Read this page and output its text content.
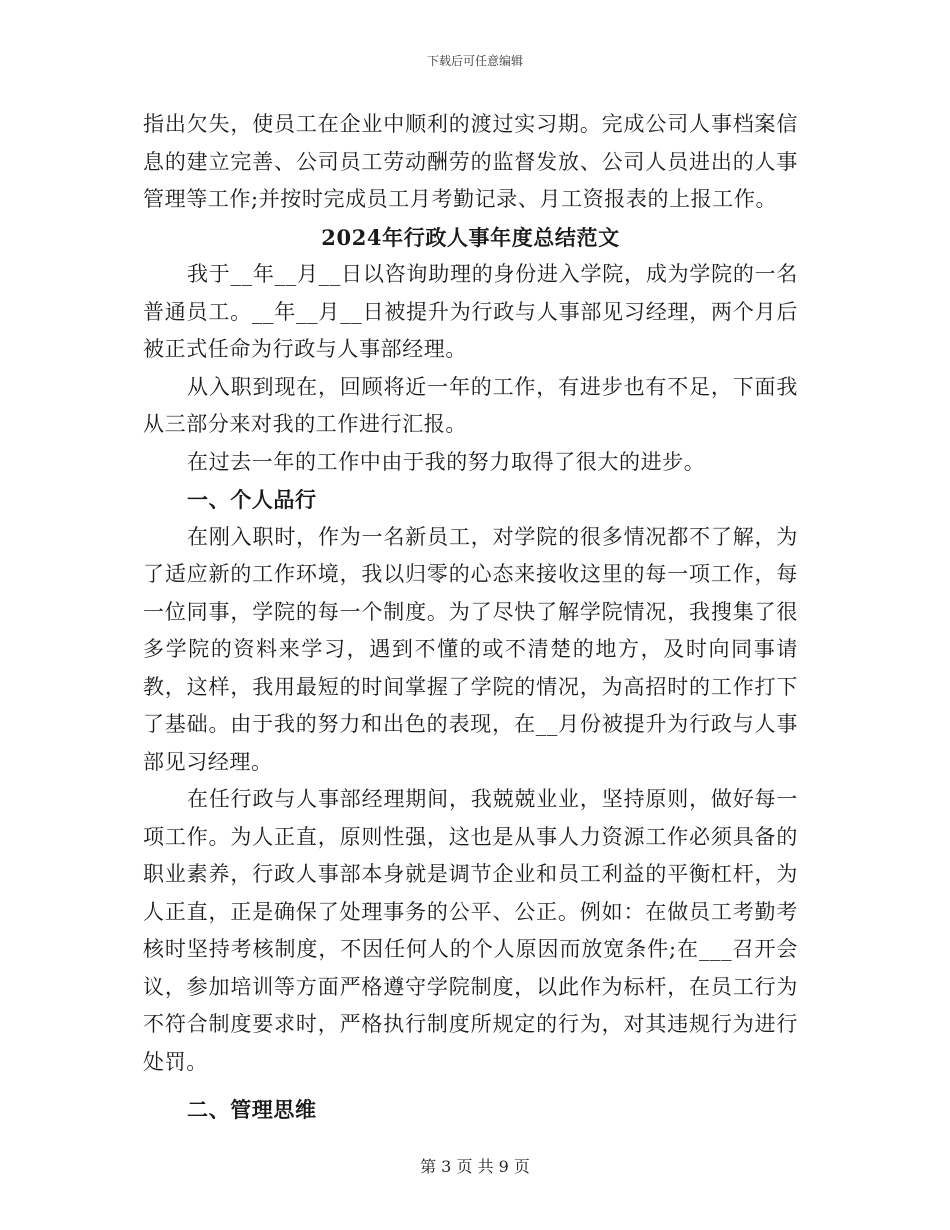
下载后可任意编辑

指出欠失，使员工在企业中顺利的渡过实习期。完成公司人事档案信息的建立完善、公司员工劳动酬劳的监督发放、公司人员进出的人事管理等工作;并按时完成员工月考勤记录、月工资报表的上报工作。

2024年行政人事年度总结范文

我于__年__月__日以咨询助理的身份进入学院，成为学院的一名普通员工。__年__月__日被提升为行政与人事部见习经理，两个月后被正式任命为行政与人事部经理。

从入职到现在，回顾将近一年的工作，有进步也有不足，下面我从三部分来对我的工作进行汇报。

在过去一年的工作中由于我的努力取得了很大的进步。

一、个人品行

在刚入职时，作为一名新员工，对学院的很多情况都不了解，为了适应新的工作环境，我以归零的心态来接收这里的每一项工作，每一位同事，学院的每一个制度。为了尽快了解学院情况，我搜集了很多学院的资料来学习，遇到不懂的或不清楚的地方，及时向同事请教，这样，我用最短的时间掌握了学院的情况，为高招时的工作打下了基础。由于我的努力和出色的表现，在__月份被提升为行政与人事部见习经理。

在任行政与人事部经理期间，我兢兢业业，坚持原则，做好每一项工作。为人正直，原则性强，这也是从事人力资源工作必须具备的职业素养，行政人事部本身就是调节企业和员工利益的平衡杠杆，为人正直，正是确保了处理事务的公平、公正。例如：在做员工考勤考核时坚持考核制度，不因任何人的个人原因而放宽条件;在___召开会议，参加培训等方面严格遵守学院制度，以此作为标杆，在员工行为不符合制度要求时，严格执行制度所规定的行为，对其违规行为进行处罚。

二、管理思维

第 3 页 共 9 页
